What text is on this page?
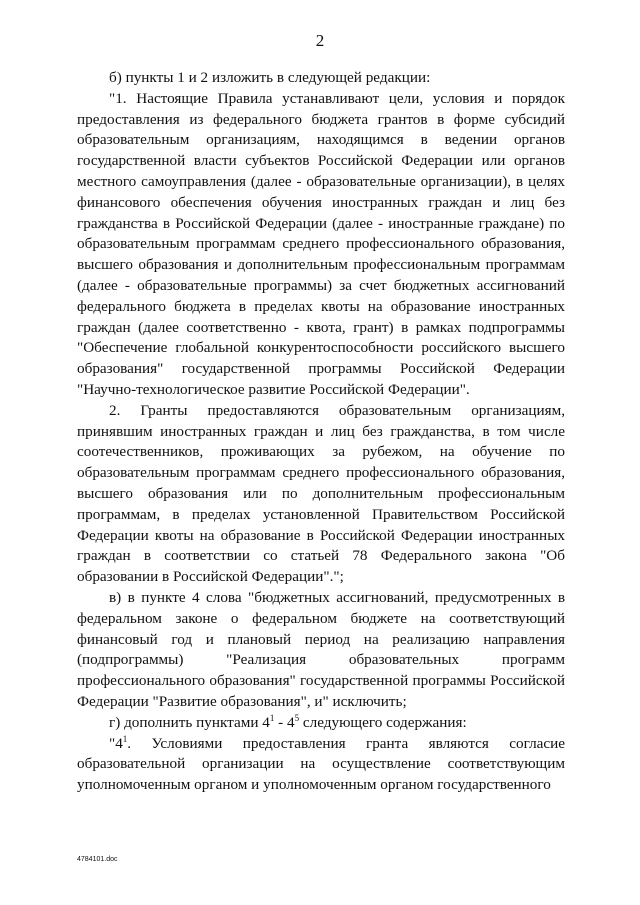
2

б) пункты 1 и 2 изложить в следующей редакции:

"1. Настоящие Правила устанавливают цели, условия и порядок предоставления из федерального бюджета грантов в форме субсидий образовательным организациям, находящимся в ведении органов государственной власти субъектов Российской Федерации или органов местного самоуправления (далее - образовательные организации), в целях финансового обеспечения обучения иностранных граждан и лиц без гражданства в Российской Федерации (далее - иностранные граждане) по образовательным программам среднего профессионального образования, высшего образования и дополнительным профессиональным программам (далее - образовательные программы) за счет бюджетных ассигнований федерального бюджета в пределах квоты на образование иностранных граждан (далее соответственно - квота, грант) в рамках подпрограммы "Обеспечение глобальной конкурентоспособности российского высшего образования" государственной программы Российской Федерации "Научно-технологическое развитие Российской Федерации".

2. Гранты предоставляются образовательным организациям, принявшим иностранных граждан и лиц без гражданства, в том числе соотечественников, проживающих за рубежом, на обучение по образовательным программам среднего профессионального образования, высшего образования или по дополнительным профессиональным программам, в пределах установленной Правительством Российской Федерации квоты на образование в Российской Федерации иностранных граждан в соответствии со статьей 78 Федерального закона "Об образовании в Российской Федерации".";

в) в пункте 4 слова "бюджетных ассигнований, предусмотренных в федеральном законе о федеральном бюджете на соответствующий финансовый год и плановый период на реализацию направления (подпрограммы) "Реализация образовательных программ профессионального образования" государственной программы Российской Федерации "Развитие образования", и" исключить;

г) дополнить пунктами $4^1 - 4^5$ следующего содержания:

"$4^1$. Условиями предоставления гранта являются согласие образовательной организации на осуществление соответствующим уполномоченным органом и уполномоченным органом государственного

4784101.doc
